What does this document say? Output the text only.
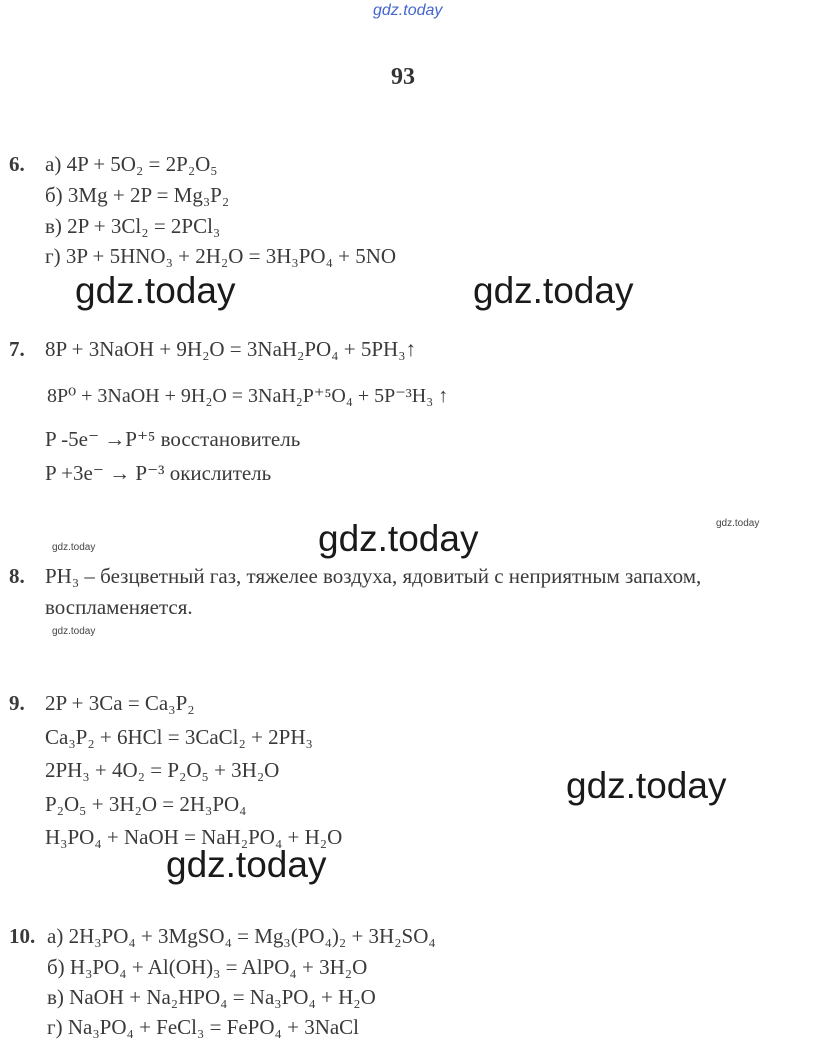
gdz.today
93
6. а) 4P + 5O₂ = 2P₂O₅
б) 3Mg + 2P = Mg₃P₂
в) 2P + 3Cl₂ = 2PCl₃
г) 3P + 5HNO₃ + 2H₂O = 3H₃PO₄ + 5NO
gdz.today	gdz.today
7. 8P + 3NaOH + 9H₂O = 3NaH₂PO₄ + 5PH₃↑
8P⁰ + 3NaOH + 9H₂O = 3NaH₂P⁺⁵O₄ + 5P⁻³H₃ ↑
P -5e⁻ →P⁺⁵ восстановитель
P +3e⁻ → P⁻³ окислитель
gdz.today
gdz.today
gdz.today
8. PH₃ – безцветный газ, тяжелее воздуха, ядовитый с неприятным запахом,
воспламеняется.
gdz.today
9. 2P + 3Ca = Ca₃P₂
Ca₃P₂ + 6HCl = 3CaCl₂ + 2PH₃
2PH₃ + 4O₂ = P₂O₅ + 3H₂O
P₂O₅ + 3H₂O = 2H₃PO₄
H₃PO₄ + NaOH = NaH₂PO₄ + H₂O
gdz.today
gdz.today
10. а) 2H₃PO₄ + 3MgSO₄ = Mg₃(PO₄)₂ + 3H₂SO₄
б) H₃PO₄ + Al(OH)₃ = AlPO₄ + 3H₂O
в) NaOH + Na₂HPO₄ = Na₃PO₄ + H₂O
г) Na₃PO₄ + FeCl₃ = FePO₄ + 3NaCl
